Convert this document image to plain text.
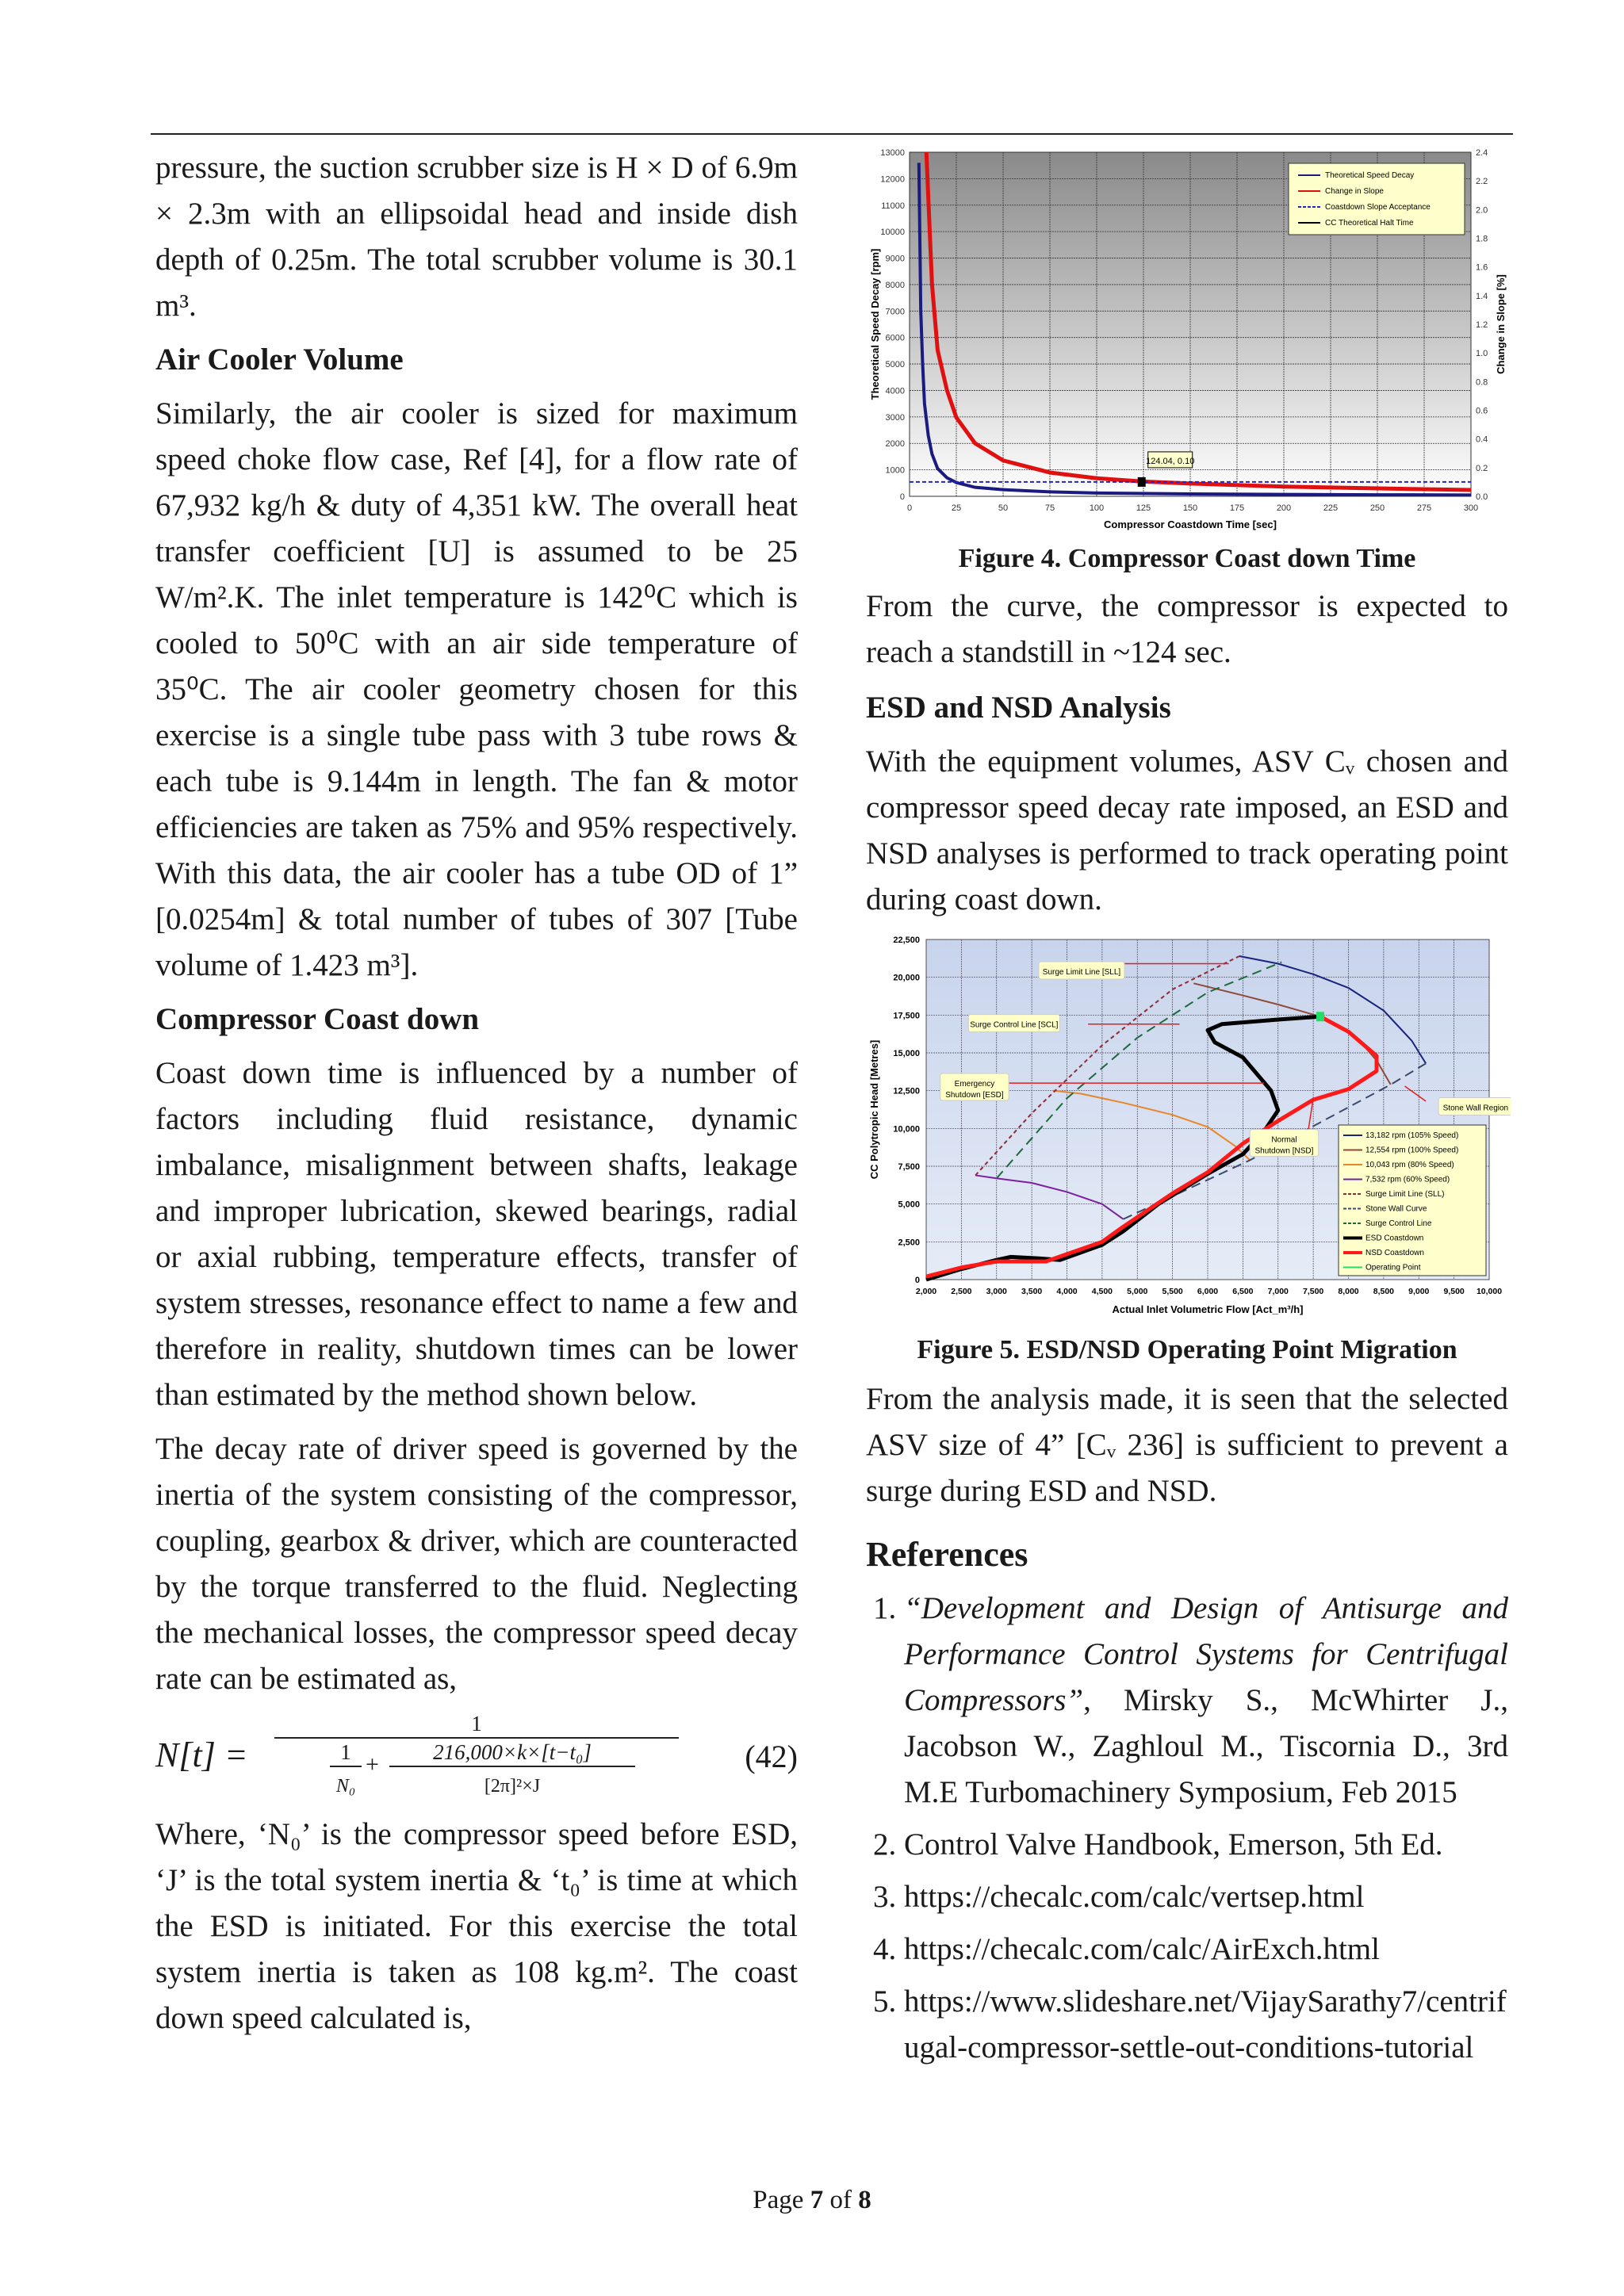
pressure, the suction scrubber size is H × D of 6.9m × 2.3m with an ellipsoidal head and inside dish depth of 0.25m. The total scrubber volume is 30.1 m³.

Air Cooler Volume

Similarly, the air cooler is sized for maximum speed choke flow case, Ref [4], for a flow rate of 67,932 kg/h & duty of 4,351 kW. The overall heat transfer coefficient [U] is assumed to be 25 W/m².K. The inlet temperature is 142⁰C which is cooled to 50⁰C with an air side temperature of 35⁰C. The air cooler geometry chosen for this exercise is a single tube pass with 3 tube rows & each tube is 9.144m in length. The fan & motor efficiencies are taken as 75% and 95% respectively. With this data, the air cooler has a tube OD of 1” [0.0254m] & total number of tubes of 307 [Tube volume of 1.423 m³].

Compressor Coast down

Coast down time is influenced by a number of factors including fluid resistance, dynamic imbalance, misalignment between shafts, leakage and improper lubrication, skewed bearings, radial or axial rubbing, temperature effects, transfer of system stresses, resonance effect to name a few and therefore in reality, shutdown times can be lower than estimated by the method shown below.

The decay rate of driver speed is governed by the inertia of the system consisting of the compressor, coupling, gearbox & driver, which are counteracted by the torque transferred to the fluid. Neglecting the mechanical losses, the compressor speed decay rate can be estimated as,

N[t] =
1
1
N₀
+	216,000×k×[t−t₀]
[2π]²×J
(42)

Where, ‘N₀’ is the compressor speed before ESD, ‘J’ is the total system inertia & ‘t₀’ is time at which the ESD is initiated. For this exercise the total system inertia is taken as 108 kg.m². The coast down speed calculated is,

0	25	50	75	100	125	150	175	200	225	250	275	300
0
1000
2000
3000
4000
5000
6000
7000
8000
9000
10000
11000
12000
13000
0.0
0.2
0.4
0.6
0.8
1.0
1.2
1.4
1.6
1.8
2.0
2.2
2.4
Compressor Coastdown Time [sec]
Theoretical Speed Decay [rpm]	Change in Slope [%]
124.04, 0.10
Theoretical Speed Decay
Change in Slope
Coastdown Slope Acceptance
CC Theoretical Halt Time
Figure 4. Compressor Coast down Time
From the curve, the compressor is expected to reach a standstill in ~124 sec.
ESD and NSD Analysis
With the equipment volumes, ASV Cᵥ chosen and compressor speed decay rate imposed, an ESD and NSD analyses is performed to track operating point during coast down.
2,000 2,500 3,000 3,500 4,000 4,500 5,000 5,500 6,000 6,500 7,000 7,500 8,000 8,500 9,000 9,500 10,000
0
2,500
5,000
7,500
10,000
12,500
15,000
17,500
20,000
22,500
Actual Inlet Volumetric Flow [Act_m³/h]
CC Polytropic Head [Metres]
Surge Limit Line [SLL]
Surge Control Line [SCL]
Emergency
Shutdown [ESD]
Stone Wall Region
Normal
Shutdown [NSD]
13,182 rpm (105% Speed)
12,554 rpm (100% Speed)
10,043 rpm (80% Speed)
7,532 rpm (60% Speed)
Surge Limit Line (SLL)
Stone Wall Curve
Surge Control Line
ESD Coastdown
NSD Coastdown
Operating Point
Figure 5. ESD/NSD Operating Point Migration
From the analysis made, it is seen that the selected ASV size of 4” [Cᵥ 236] is sufficient to prevent a surge during ESD and NSD.
References
1. “Development and Design of Antisurge and Performance Control Systems for Centrifugal Compressors”, Mirsky S., McWhirter J., Jacobson W., Zaghloul M., Tiscornia D., 3rd M.E Turbomachinery Symposium, Feb 2015
2. Control Valve Handbook, Emerson, 5th Ed.
3. https://checalc.com/calc/vertsep.html
4. https://checalc.com/calc/AirExch.html
5. https://www.slideshare.net/VijaySarathy7/centrifugal-compressor-settle-out-conditions-tutorial
Page 7 of 8
